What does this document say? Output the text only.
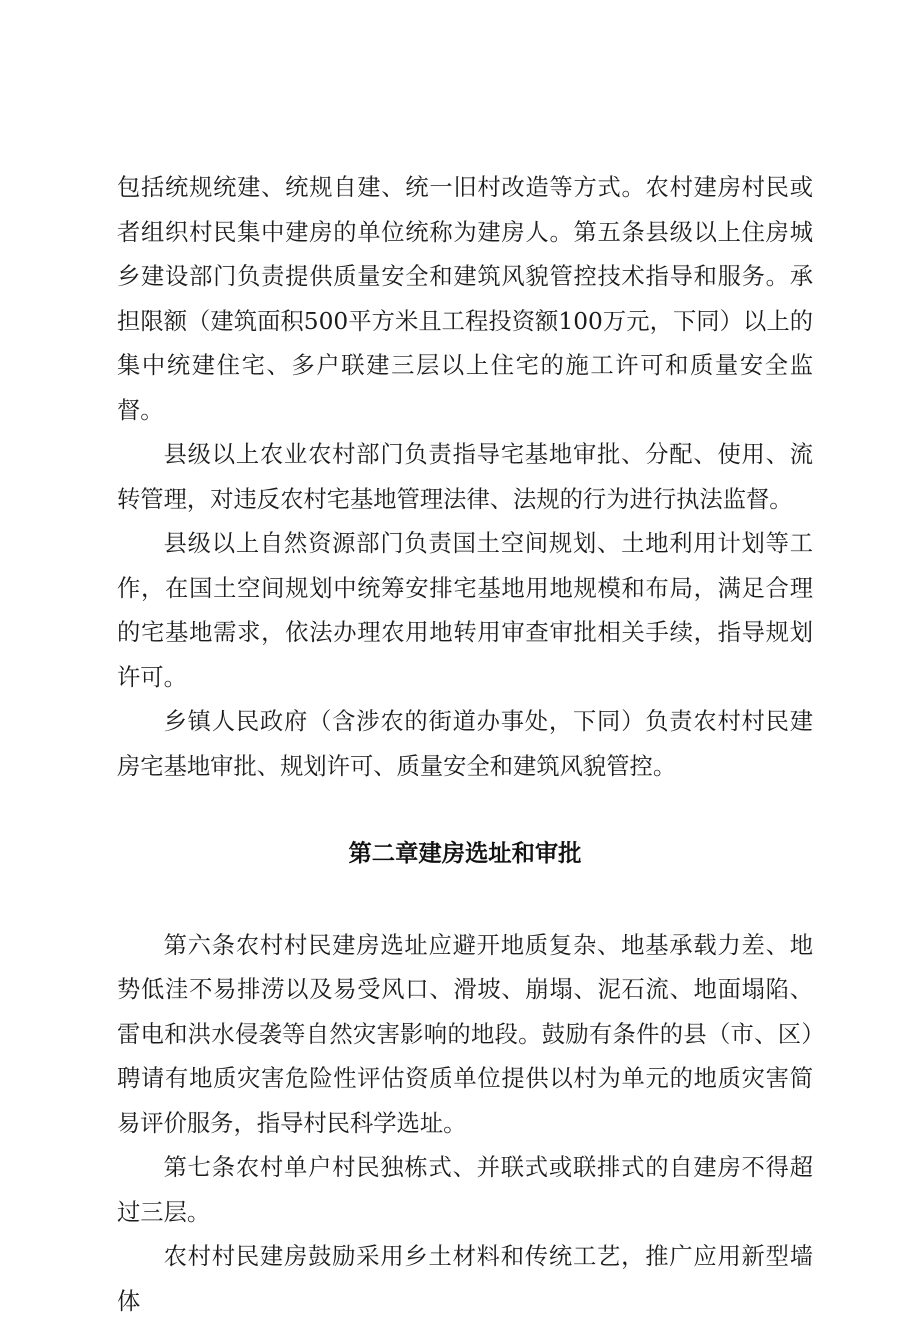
包括统规统建、统规自建、统一旧村改造等方式。农村建房村民或者组织村民集中建房的单位统称为建房人。第五条县级以上住房城乡建设部门负责提供质量安全和建筑风貌管控技术指导和服务。承担限额（建筑面积500平方米且工程投资额100万元，下同）以上的集中统建住宅、多户联建三层以上住宅的施工许可和质量安全监督。

县级以上农业农村部门负责指导宅基地审批、分配、使用、流转管理，对违反农村宅基地管理法律、法规的行为进行执法监督。

县级以上自然资源部门负责国土空间规划、土地利用计划等工作，在国土空间规划中统筹安排宅基地用地规模和布局，满足合理的宅基地需求，依法办理农用地转用审查审批相关手续，指导规划许可。

乡镇人民政府（含涉农的街道办事处，下同）负责农村村民建房宅基地审批、规划许可、质量安全和建筑风貌管控。

第二章建房选址和审批

第六条农村村民建房选址应避开地质复杂、地基承载力差、地势低洼不易排涝以及易受风口、滑坡、崩塌、泥石流、地面塌陷、雷电和洪水侵袭等自然灾害影响的地段。鼓励有条件的县（市、区）聘请有地质灾害危险性评估资质单位提供以村为单元的地质灾害简易评价服务，指导村民科学选址。

第七条农村单户村民独栋式、并联式或联排式的自建房不得超过三层。

农村村民建房鼓励采用乡土材料和传统工艺，推广应用新型墙体
